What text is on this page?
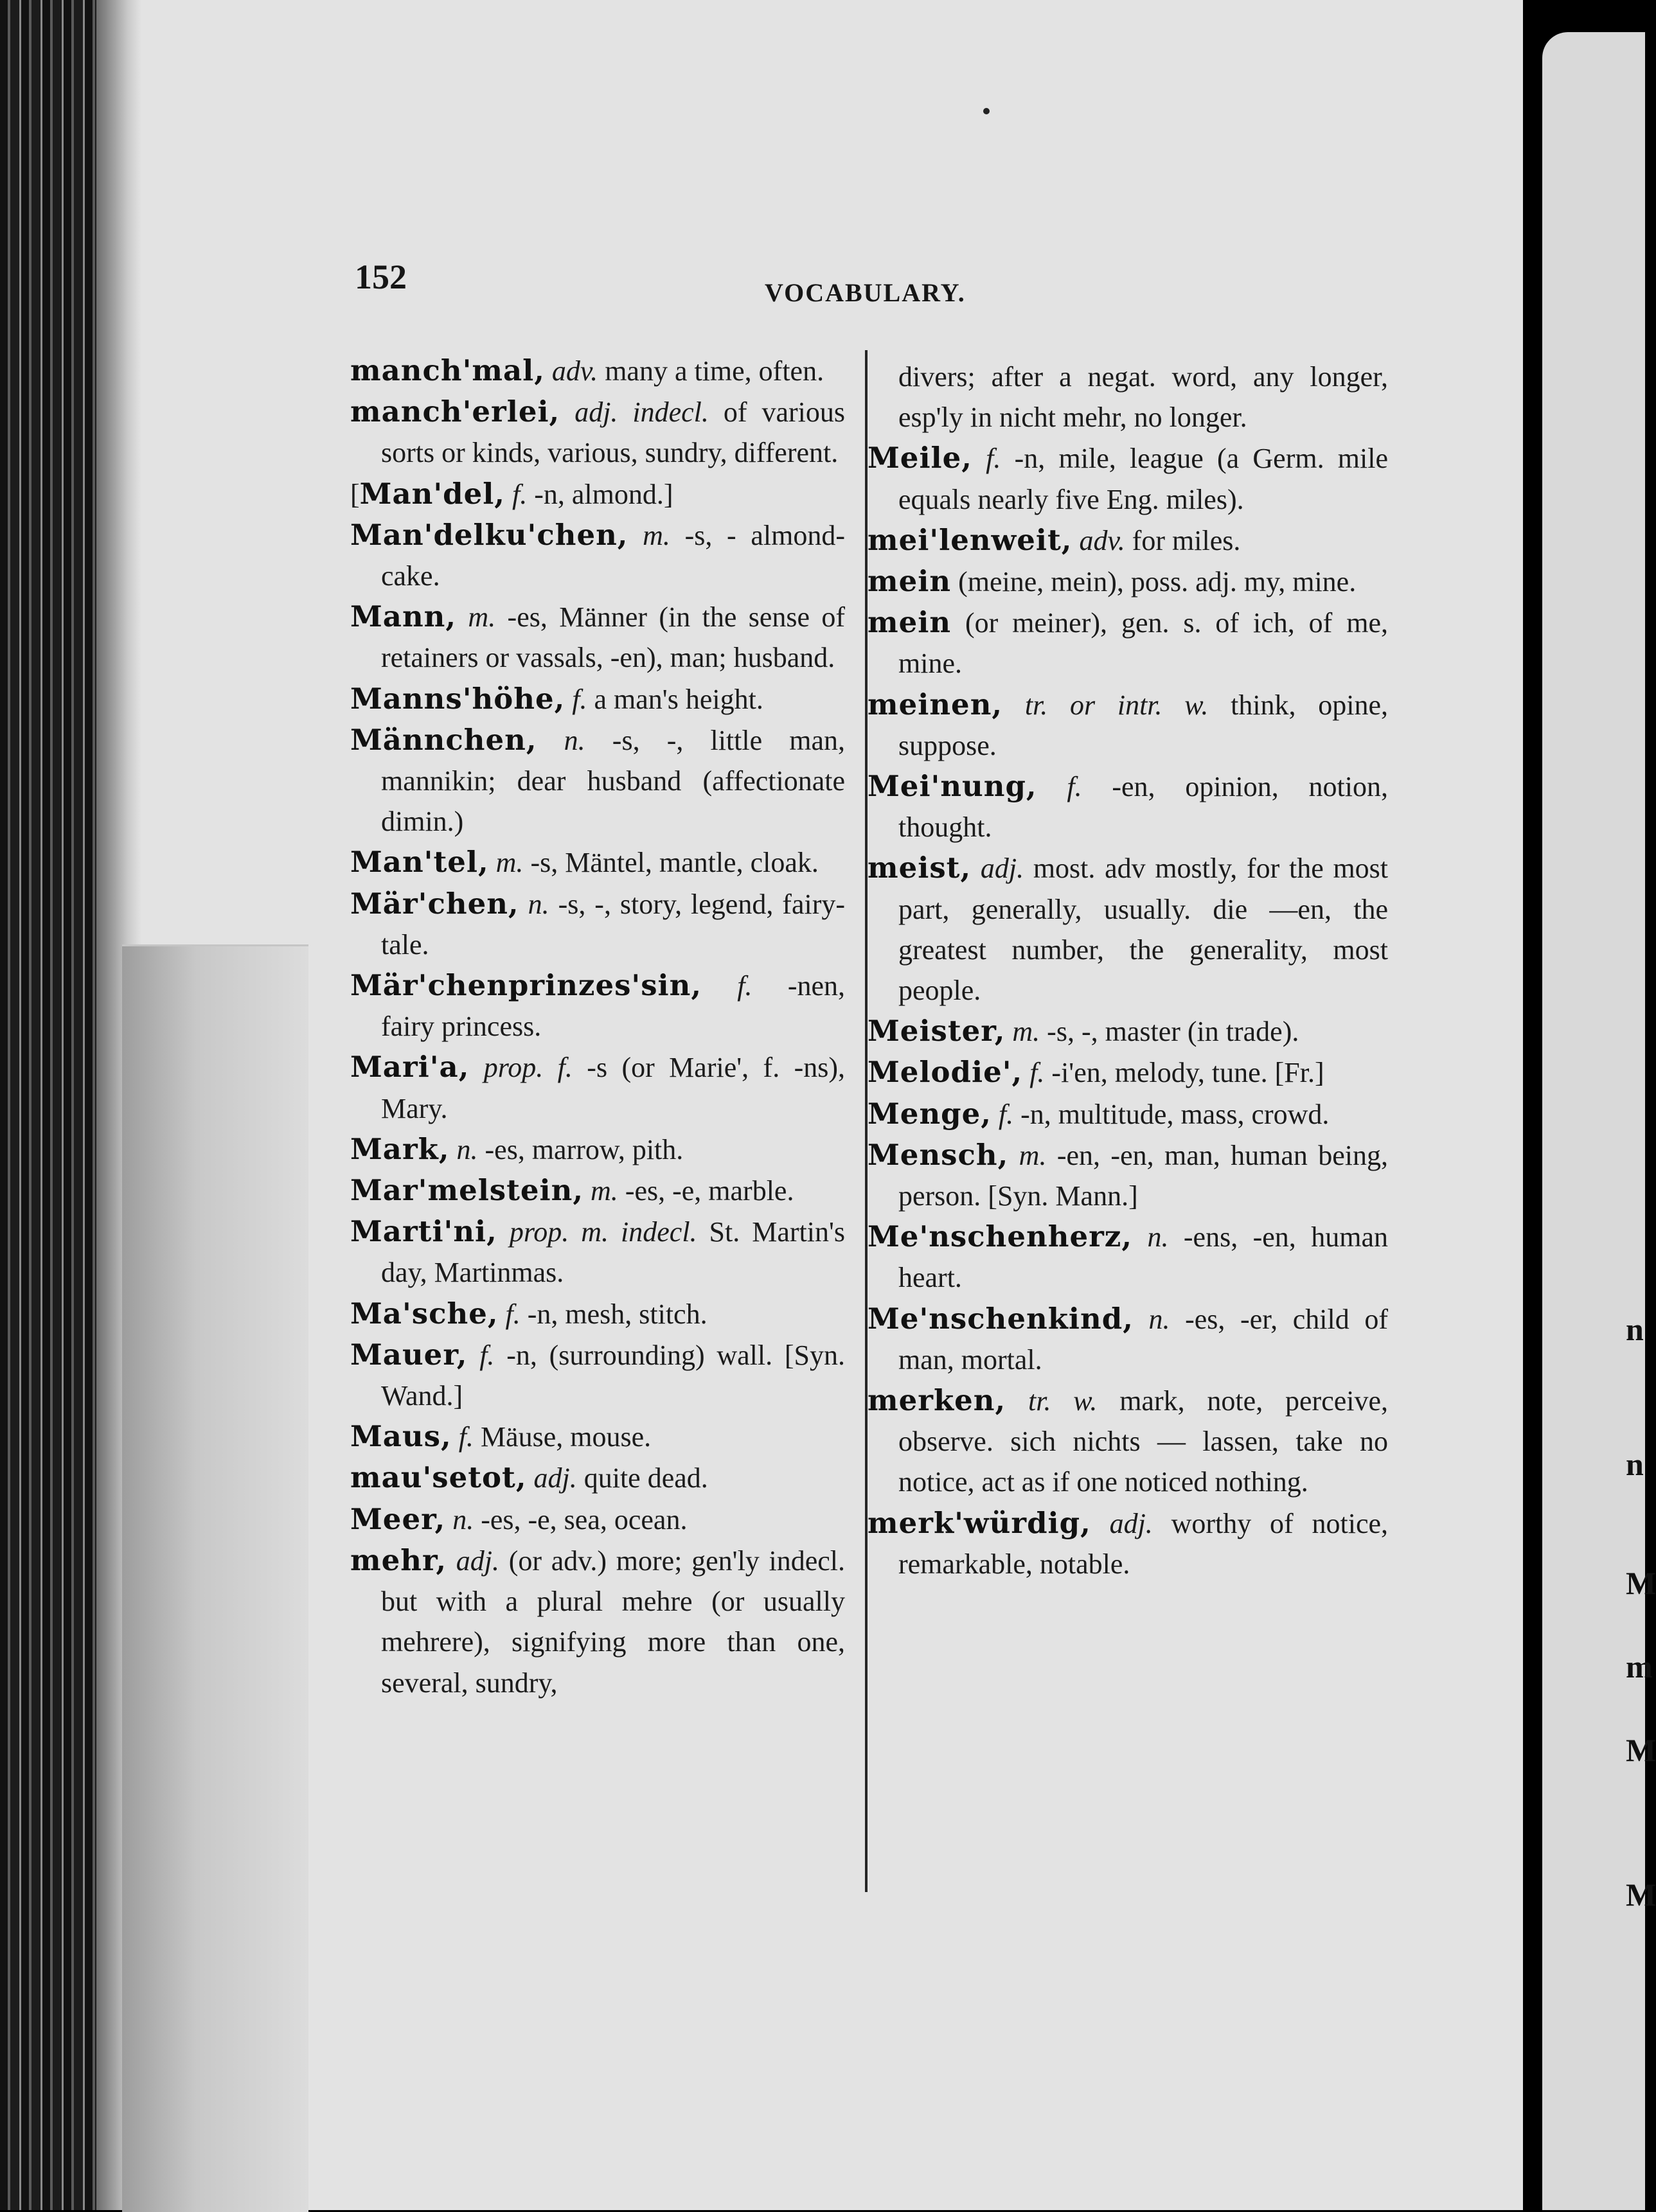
n
n
M
m
M
M
152	VOCABULARY.

manch'mal, adv. many a time, often.

manch'erlei, adj. indecl. of various sorts or kinds, various, sundry, different.

[Man'del, f. -n, almond.]

Man'delku'chen, m. -s, - almond-cake.

Mann, m. -es, Männer (in the sense of retainers or vassals, -en), man; husband.

Manns'höhe, f. a man's height.

Männchen, n. -s, -, little man, mannikin; dear husband (affectionate dimin.)

Man'tel, m. -s, Mäntel, mantle, cloak.

Mär'chen, n. -s, -, story, legend, fairy-tale.

Mär'chenprinzes'sin, f. -nen, fairy princess.

Mari'a, prop. f. -s (or Marie', f. -ns), Mary.

Mark, n. -es, marrow, pith.

Mar'melstein, m. -es, -e, marble.

Marti'ni, prop. m. indecl. St. Martin's day, Martinmas.

Ma'sche, f. -n, mesh, stitch.

Mauer, f. -n, (surrounding) wall. [Syn. Wand.]

Maus, f. Mäuse, mouse.

mau'setot, adj. quite dead.

Meer, n. -es, -e, sea, ocean.

mehr, adj. (or adv.) more; gen'ly indecl. but with a plural mehre (or usually mehrere), signifying more than one, several, sundry,

divers; after a negat. word, any longer, esp'ly in nicht mehr, no longer.

Meile, f. -n, mile, league (a Germ. mile equals nearly five Eng. miles).

mei'lenweit, adv. for miles.

mein (meine, mein), poss. adj. my, mine.

mein (or meiner), gen. s. of ich, of me, mine.

meinen, tr. or intr. w. think, opine, suppose.

Mei'nung, f. -en, opinion, notion, thought.

meist, adj. most. adv mostly, for the most part, generally, usually. die —en, the greatest number, the generality, most people.

Meister, m. -s, -, master (in trade).

Melodie', f. -i'en, melody, tune. [Fr.]

Menge, f. -n, multitude, mass, crowd.

Mensch, m. -en, -en, man, human being, person. [Syn. Mann.]

Me'nschenherz, n. -ens, -en, human heart.

Me'nschenkind, n. -es, -er, child of man, mortal.

merken, tr. w. mark, note, perceive, observe. sich nichts — lassen, take no notice, act as if one noticed nothing.

merk'würdig, adj. worthy of notice, remarkable, notable.
